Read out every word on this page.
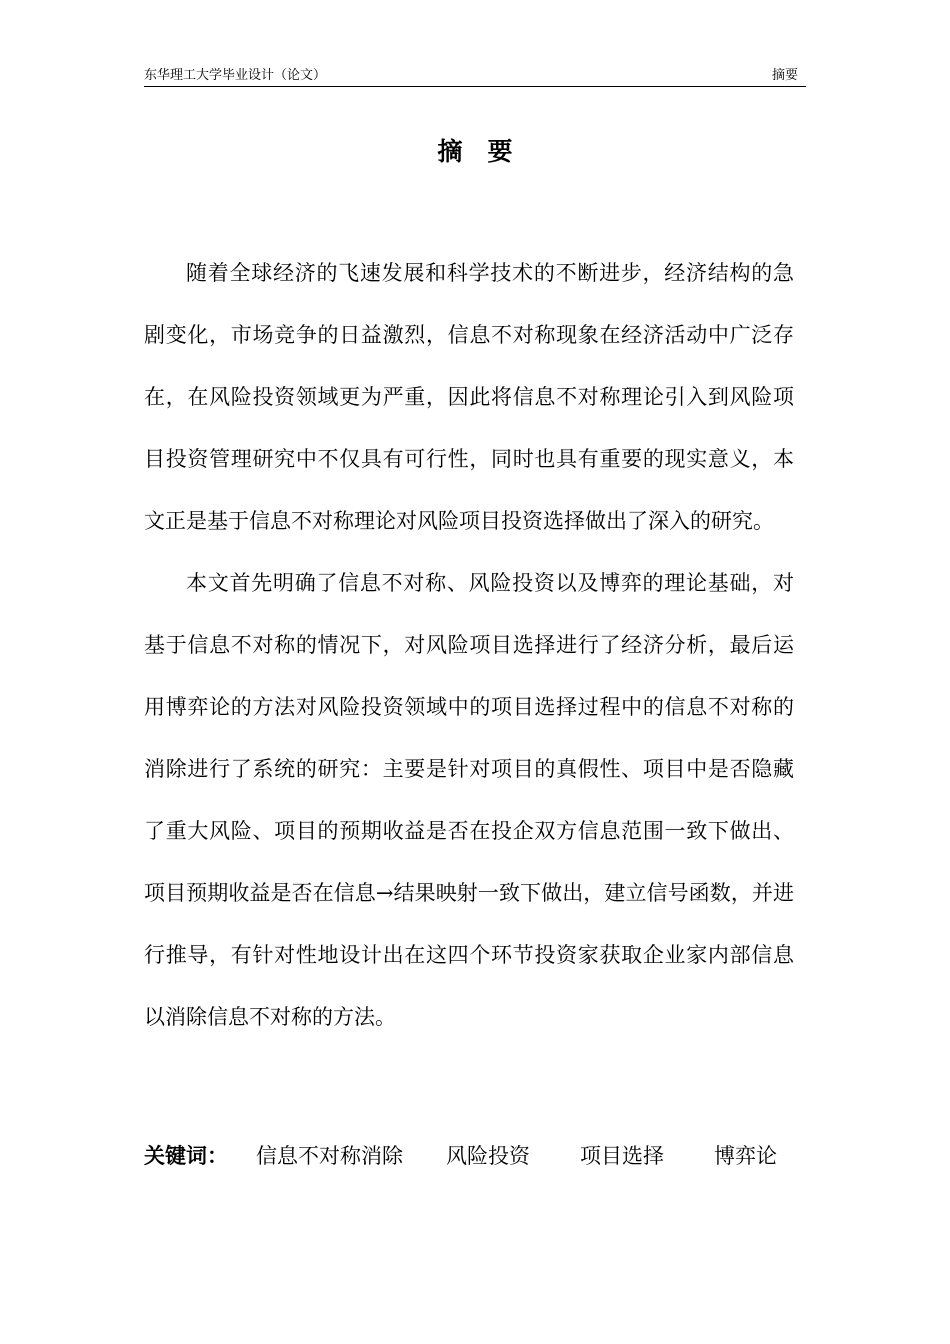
东华理工大学毕业设计（论文）	摘要
摘　要

随着全球经济的飞速发展和科学技术的不断进步，经济结构的急剧变化，市场竞争的日益激烈，信息不对称现象在经济活动中广泛存在，在风险投资领域更为严重，因此将信息不对称理论引入到风险项目投资管理研究中不仅具有可行性，同时也具有重要的现实意义，本文正是基于信息不对称理论对风险项目投资选择做出了深入的研究。

本文首先明确了信息不对称、风险投资以及博弈的理论基础，对基于信息不对称的情况下，对风险项目选择进行了经济分析，最后运用博弈论的方法对风险投资领域中的项目选择过程中的信息不对称的消除进行了系统的研究：主要是针对项目的真假性、项目中是否隐藏了重大风险、项目的预期收益是否在投企双方信息范围一致下做出、项目预期收益是否在信息→结果映射一致下做出，建立信号函数，并进行推导，有针对性地设计出在这四个环节投资家获取企业家内部信息以消除信息不对称的方法。

关键词： 信息不对称消除 风险投资 项目选择 博弈论
